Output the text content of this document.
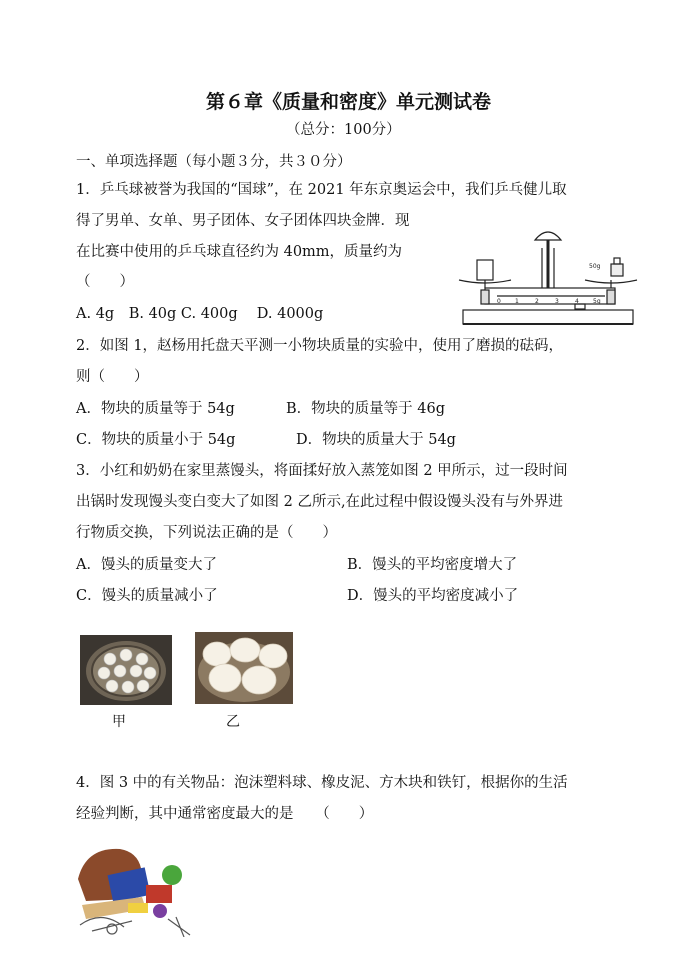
第６章《质量和密度》单元测试卷
（总分：100分）
一、单项选择题（每小题３分，共３０分）
1．乒乓球被誉为我国的“国球”，在 2021 年东京奥运会中，我们乒乓健儿取
得了男单、女单、男子团体、女子团体四块金牌．现
在比赛中使用的乒乓球直径约为 40mm，质量约为
（　　）
A. 4g　B. 40g C. 400g　 D. 4000g
50g
0 1	2	3	4 5g
2．如图 1，赵杨用托盘天平测一小物块质量的实验中，使用了磨损的砝码，
则（　　）
A．物块的质量等于 54g	B．物块的质量等于 46g
C．物块的质量小于 54g	D．物块的质量大于 54g
3．小红和奶奶在家里蒸馒头，将面揉好放入蒸笼如图 2 甲所示，过一段时间
出锅时发现馒头变白变大了如图 2 乙所示,在此过程中假设馒头没有与外界进
行物质交换，下列说法正确的是（　　）
A．馒头的质量变大了	B．馒头的平均密度增大了
C．馒头的质量减小了	D．馒头的平均密度减小了
甲	乙
4．图 3 中的有关物品：泡沫塑料球、橡皮泥、方木块和铁钉，根据你的生活
经验判断，其中通常密度最大的是　　（　　）
